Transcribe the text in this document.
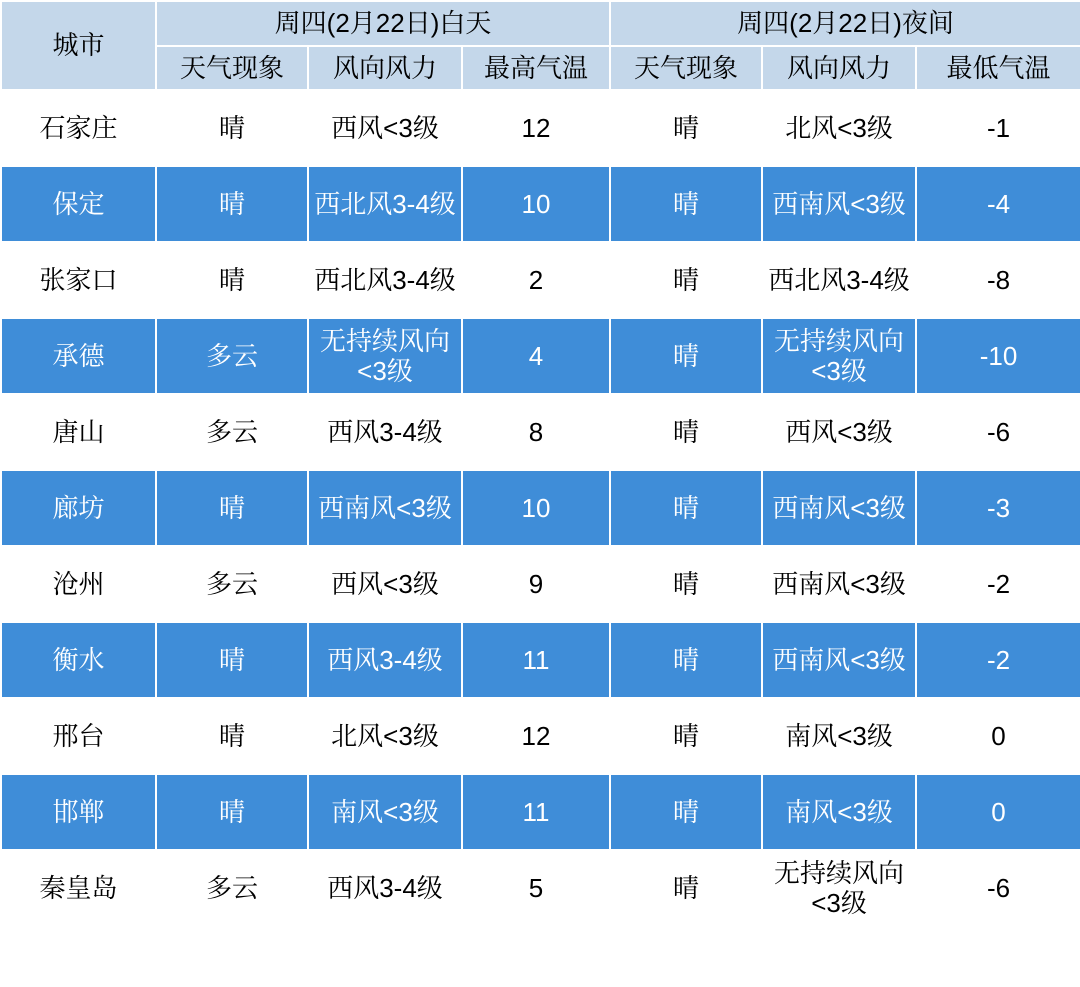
城市	周四(2月22日)白天			周四(2月22日)夜间		
	天气现象	风向风力	最高气温	天气现象	风向风力	最低气温
石家庄	晴	西风<3级	12	晴	北风<3级	-1
保定	晴	西北风3-4级	10	晴	西南风<3级	-4
张家口	晴	西北风3-4级	2	晴	西北风3-4级	-8
承德	多云	无持续风向<3级	4	晴	无持续风向<3级	-10
唐山	多云	西风3-4级	8	晴	西风<3级	-6
廊坊	晴	西南风<3级	10	晴	西南风<3级	-3
沧州	多云	西风<3级	9	晴	西南风<3级	-2
衡水	晴	西风3-4级	11	晴	西南风<3级	-2
邢台	晴	北风<3级	12	晴	南风<3级	0
邯郸	晴	南风<3级	11	晴	南风<3级	0
秦皇岛	多云	西风3-4级	5	晴	无持续风向<3级	-6
